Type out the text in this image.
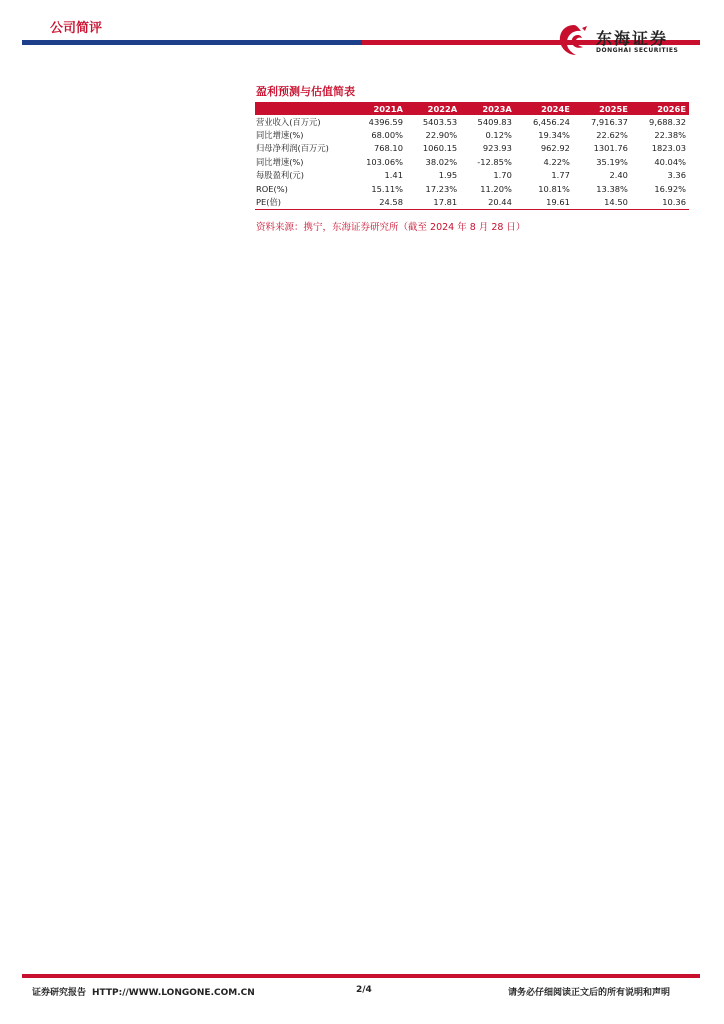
公司简评
东海证券
DONGHAI SECURITIES
盈利预测与估值简表
	2021A	2022A	2023A	2024E	2025E	2026E
营业收入(百万元)	4396.59	5403.53	5409.83	6,456.24	7,916.37	9,688.32
同比增速(%)	68.00%	22.90%	0.12%	19.34%	22.62%	22.38%
归母净利润(百万元)	768.10	1060.15	923.93	962.92	1301.76	1823.03
同比增速(%)	103.06%	38.02%	-12.85%	4.22%	35.19%	40.04%
每股盈利(元)	1.41	1.95	1.70	1.77	2.40	3.36
ROE(%)	15.11%	17.23%	11.20%	10.81%	13.38%	16.92%
PE(倍)	24.58	17.81	20.44	19.61	14.50	10.36
资料来源：携宁，东海证券研究所（截至 2024 年 8 月 28 日）
证券研究报告 HTTP://WWW.LONGONE.COM.CN	2/4	请务必仔细阅读正文后的所有说明和声明
